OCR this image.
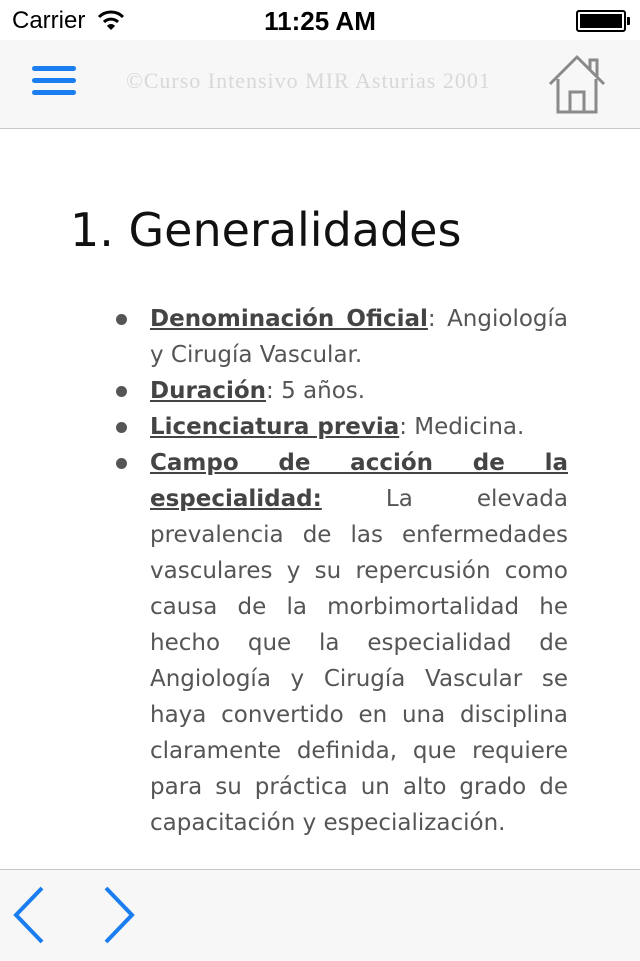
Carrier	11:25 AM
©Curso Intensivo MIR Asturias 2001
1. Generalidades
Denominación Oficial: Angiología y Cirugía Vascular.
Duración: 5 años.
Licenciatura previa: Medicina.
Campo de acción de la especialidad: La elevada prevalencia de las enfermedades vasculares y su repercusión como causa de la morbimortalidad he hecho que la especialidad de Angiología y Cirugía Vascular se haya convertido en una disciplina claramente definida, que requiere para su práctica un alto grado de capacitación y especialización.
